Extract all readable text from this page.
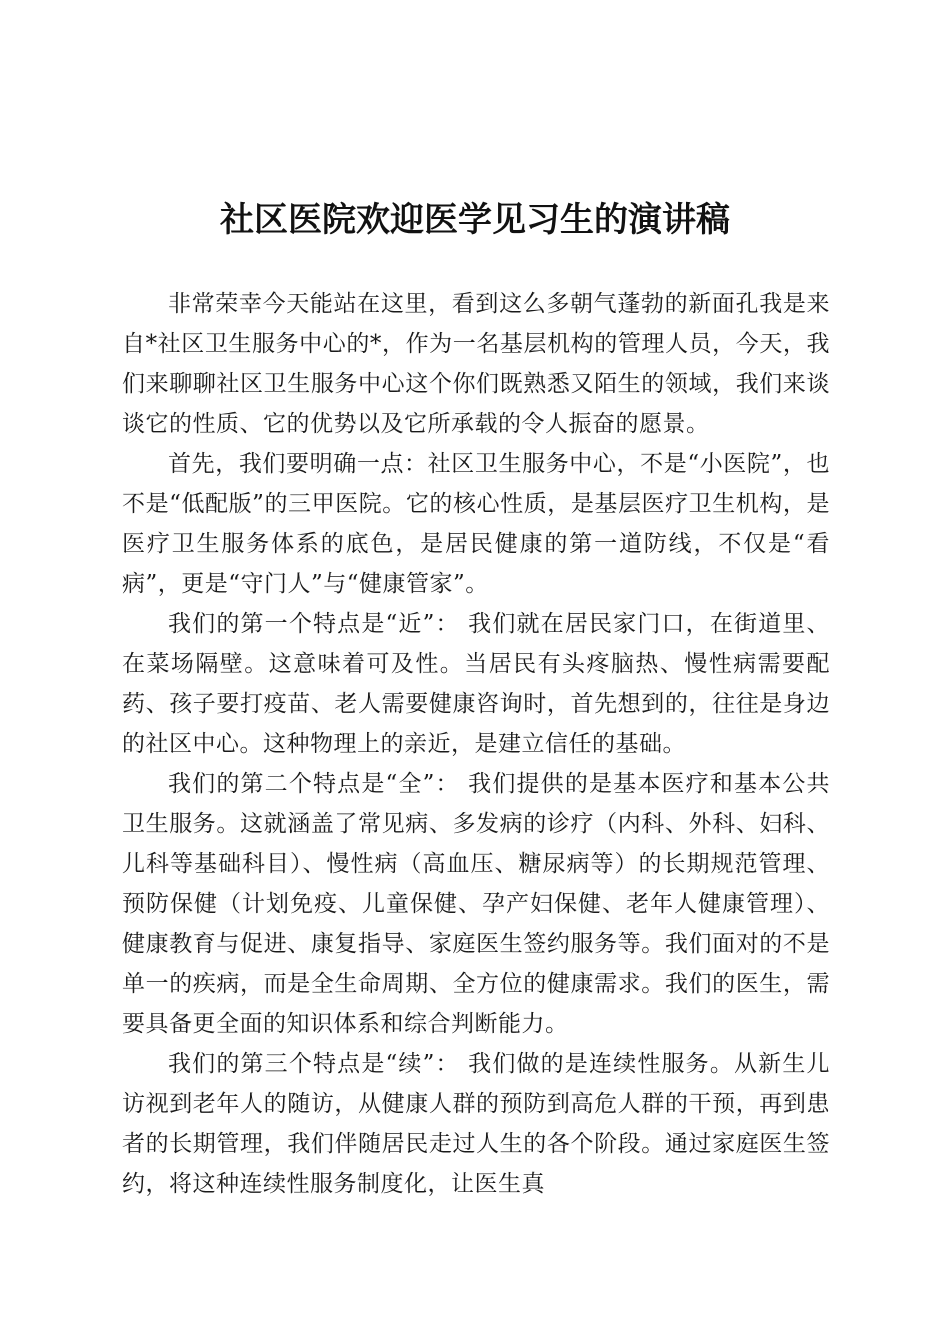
社区医院欢迎医学见习生的演讲稿

非常荣幸今天能站在这里，看到这么多朝气蓬勃的新面孔我是来自*社区卫生服务中心的*，作为一名基层机构的管理人员，今天，我们来聊聊社区卫生服务中心这个你们既熟悉又陌生的领域，我们来谈谈它的性质、它的优势以及它所承载的令人振奋的愿景。

首先，我们要明确一点：社区卫生服务中心，不是“小医院”，也不是“低配版”的三甲医院。它的核心性质，是基层医疗卫生机构，是医疗卫生服务体系的底色，是居民健康的第一道防线，不仅是“看病”，更是“守门人”与“健康管家”。

我们的第一个特点是“近”： 我们就在居民家门口，在街道里、在菜场隔壁。这意味着可及性。当居民有头疼脑热、慢性病需要配药、孩子要打疫苗、老人需要健康咨询时，首先想到的，往往是身边的社区中心。这种物理上的亲近，是建立信任的基础。

我们的第二个特点是“全”： 我们提供的是基本医疗和基本公共卫生服务。这就涵盖了常见病、多发病的诊疗（内科、外科、妇科、儿科等基础科目）、慢性病（高血压、糖尿病等）的长期规范管理、预防保健（计划免疫、儿童保健、孕产妇保健、老年人健康管理）、健康教育与促进、康复指导、家庭医生签约服务等。我们面对的不是单一的疾病，而是全生命周期、全方位的健康需求。我们的医生，需要具备更全面的知识体系和综合判断能力。

我们的第三个特点是“续”： 我们做的是连续性服务。从新生儿访视到老年人的随访，从健康人群的预防到高危人群的干预，再到患者的长期管理，我们伴随居民走过人生的各个阶段。通过家庭医生签约，将这种连续性服务制度化，让医生真
